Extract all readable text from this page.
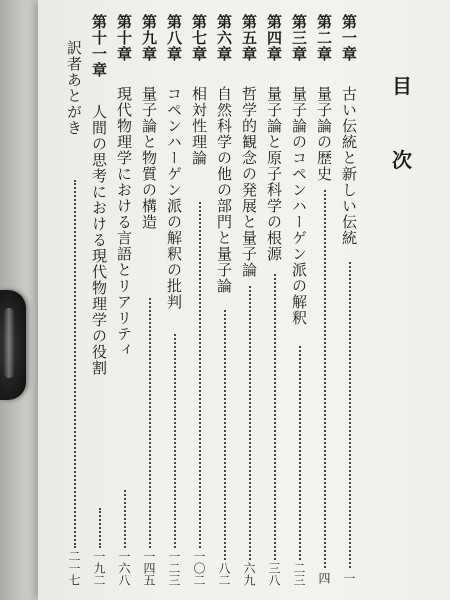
目
次
第一章
古い伝統と新しい伝統
一
第二章
量子論の歴史
四
第三章
量子論のコペンハーゲン派の解釈
二三
第四章
量子論と原子科学の根源
三八
第五章
哲学的観念の発展と量子論
六九
第六章
自然科学の他の部門と量子論
八二
第七章
相対性理論
一〇二
第八章
コペンハーゲン派の解釈の批判
一二三
第九章
量子論と物質の構造
一四五
第十章
現代物理学における言語とリアリティ
一六八
第十一章
人間の思考における現代物理学の役割
一九二
訳者あとがき
二一七
